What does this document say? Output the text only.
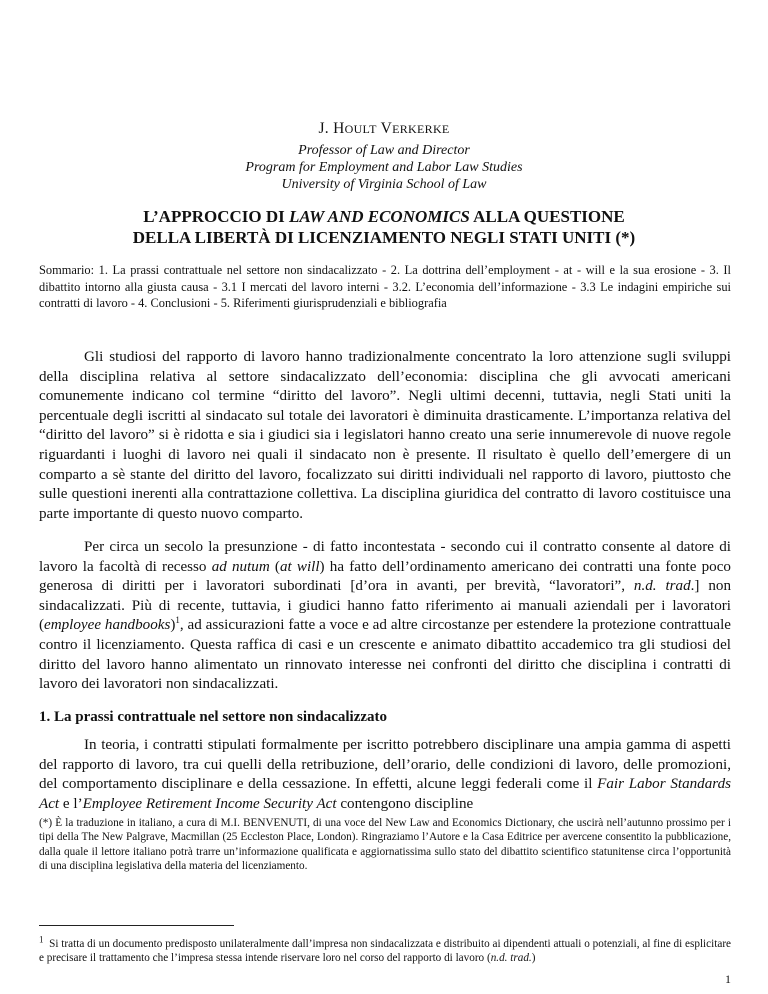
J. HOULT VERKERKE
Professor of Law and Director
Program for Employment and Labor Law Studies
University of Virginia School of Law
L’APPROCCIO DI LAW AND ECONOMICS ALLA QUESTIONE
DELLA LIBERTÀ DI LICENZIAMENTO NEGLI STATI UNITI (*)
Sommario: 1. La prassi contrattuale nel settore non sindacalizzato - 2. La dottrina dell’employment - at - will e la sua erosione - 3. Il dibattito intorno alla giusta causa - 3.1 I mercati del lavoro interni - 3.2. L’economia dell’informazione - 3.3 Le indagini empiriche sui contratti di lavoro - 4. Conclusioni - 5. Riferimenti giurisprudenziali e bibliografia

Gli studiosi del rapporto di lavoro hanno tradizionalmente concentrato la loro attenzione sugli sviluppi della disciplina relativa al settore sindacalizzato dell’economia: disciplina che gli avvocati americani comunemente indicano col termine “diritto del lavoro”. Negli ultimi decenni, tuttavia, negli Stati uniti la percentuale degli iscritti al sindacato sul totale dei lavoratori è diminuita drasticamente. L’importanza relativa del “diritto del lavoro” si è ridotta e sia i giudici sia i legislatori hanno creato una serie innumerevole di nuove regole riguardanti i luoghi di lavoro nei quali il sindacato non è presente. Il risultato è quello dell’emergere di un comparto a sè stante del diritto del lavoro, focalizzato sui diritti individuali nel rapporto di lavoro, piuttosto che sulle questioni inerenti alla contrattazione collettiva. La disciplina giuridica del contratto di lavoro costituisce una parte importante di questo nuovo comparto.

Per circa un secolo la presunzione - di fatto incontestata - secondo cui il contratto consente al datore di lavoro la facoltà di recesso ad nutum (at will) ha fatto dell’ordinamento americano dei contratti una fonte poco generosa di diritti per i lavoratori subordinati [d’ora in avanti, per brevità, “lavoratori”, n.d. trad.] non sindacalizzati. Più di recente, tuttavia, i giudici hanno fatto riferimento ai manuali aziendali per i lavoratori (employee handbooks)$^1$, ad assicurazioni fatte a voce e ad altre circostanze per estendere la protezione contrattuale contro il licenziamento. Questa raffica di casi e un crescente e animato dibattito accademico tra gli studiosi del diritto del lavoro hanno alimentato un rinnovato interesse nei confronti del diritto che disciplina i contratti di lavoro dei lavoratori non sindacalizzati.

1. La prassi contrattuale nel settore non sindacalizzato

In teoria, i contratti stipulati formalmente per iscritto potrebbero disciplinare una ampia gamma di aspetti del rapporto di lavoro, tra cui quelli della retribuzione, dell’orario, delle condizioni di lavoro, delle promozioni, del comportamento disciplinare e della cessazione. In effetti, alcune leggi federali come il Fair Labor Standards Act e l’Employee Retirement Income Security Act contengono discipline

(*) È la traduzione in italiano, a cura di M.I. BENVENUTI, di una voce del New Law and Economics Dictionary, che uscirà nell’autunno prossimo per i tipi della The New Palgrave, Macmillan (25 Eccleston Place, London). Ringraziamo l’Autore e la Casa Editrice per avercene consentito la pubblicazione, dalla quale il lettore italiano potrà trarre un’informazione qualificata e aggiornatissima sullo stato del dibattito scientifico statunitense circa l’opportunità di una disciplina legislativa della materia del licenziamento.
$^1$ Si tratta di un documento predisposto unilateralmente dall’impresa non sindacalizzata e distribuito ai dipendenti attuali o potenziali, al fine di esplicitare e precisare il trattamento che l’impresa stessa intende riservare loro nel corso del rapporto di lavoro (n.d. trad.)
1
